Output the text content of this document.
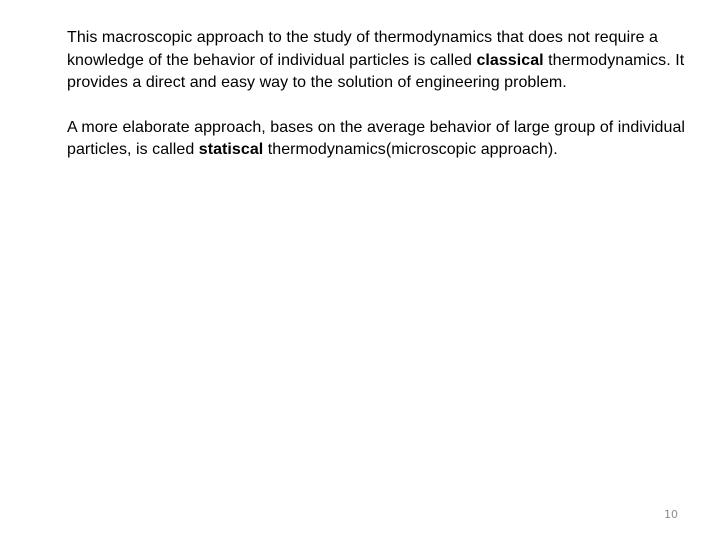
This macroscopic approach to the study of thermodynamics that does not require a knowledge of the behavior of individual particles is called classical thermodynamics. It provides a direct and easy way to the solution of engineering problem.

A more elaborate approach, bases on the average behavior of large group of individual particles, is called statiscal thermodynamics(microscopic approach).

10
